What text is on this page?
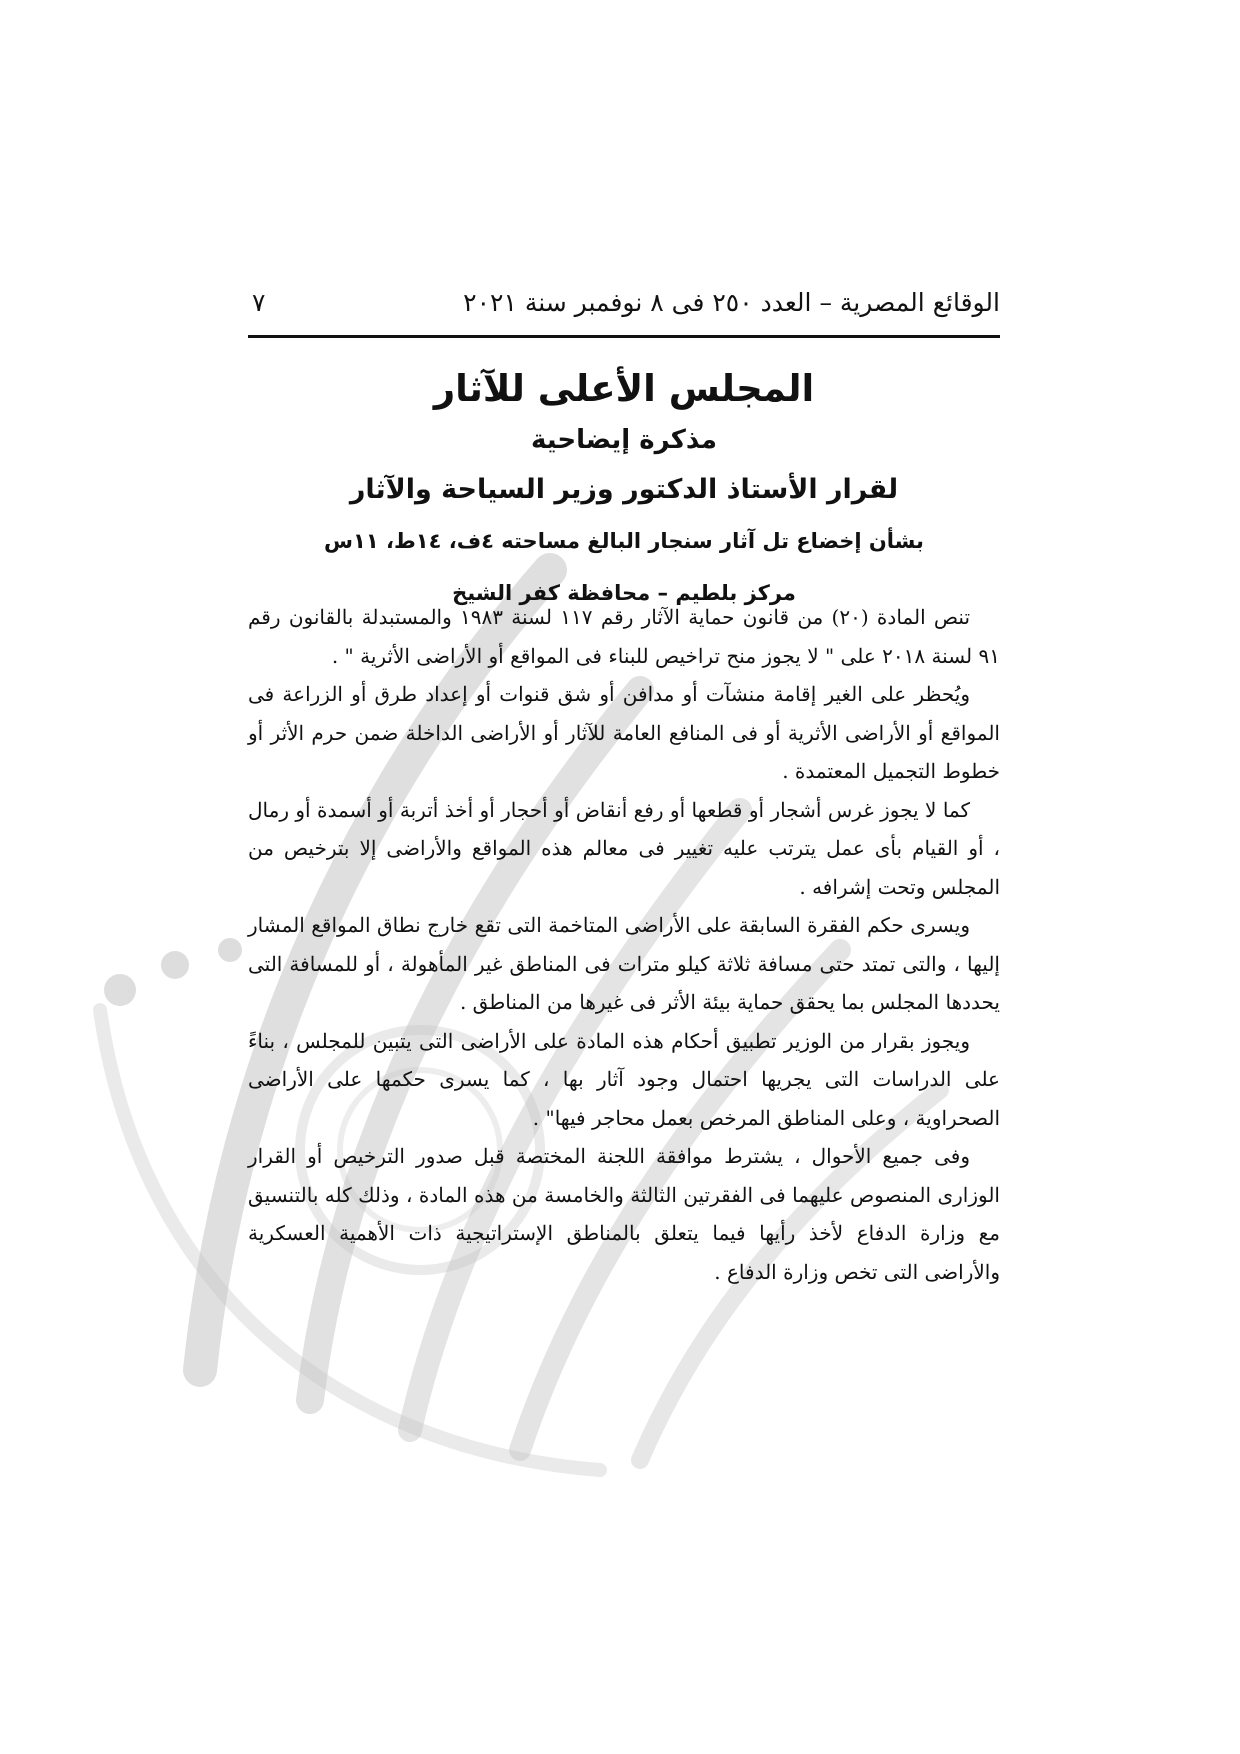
الوقائع المصرية – العدد ٢٥٠ فى ٨ نوفمبر سنة ٢٠٢١
٧
المجلس الأعلى للآثار
مذكرة إيضاحية
لقرار الأستاذ الدكتور وزير السياحة والآثار
بشأن إخضاع تل آثار سنجار البالغ مساحته ٤ف، ١٤ط، ١١س
مركز بلطيم – محافظة كفر الشيخ

تنص المادة (٢٠) من قانون حماية الآثار رقم ١١٧ لسنة ١٩٨٣ والمستبدلة بالقانون رقم ٩١ لسنة ٢٠١٨ على " لا يجوز منح تراخيص للبناء فى المواقع أو الأراضى الأثرية " .

ويُحظر على الغير إقامة منشآت أو مدافن أو شق قنوات أو إعداد طرق أو الزراعة فى المواقع أو الأراضى الأثرية أو فى المنافع العامة للآثار أو الأراضى الداخلة ضمن حرم الأثر أو خطوط التجميل المعتمدة .

كما لا يجوز غرس أشجار أو قطعها أو رفع أنقاض أو أحجار أو أخذ أتربة أو أسمدة أو رمال ، أو القيام بأى عمل يترتب عليه تغيير فى معالم هذه المواقع والأراضى إلا بترخيص من المجلس وتحت إشرافه .

ويسرى حكم الفقرة السابقة على الأراضى المتاخمة التى تقع خارج نطاق المواقع المشار إليها ، والتى تمتد حتى مسافة ثلاثة كيلو مترات فى المناطق غير المأهولة ، أو للمسافة التى يحددها المجلس بما يحقق حماية بيئة الأثر فى غيرها من المناطق .

ويجوز بقرار من الوزير تطبيق أحكام هذه المادة على الأراضى التى يتبين للمجلس ، بناءً على الدراسات التى يجريها احتمال وجود آثار بها ، كما يسرى حكمها على الأراضى الصحراوية ، وعلى المناطق المرخص بعمل محاجر فيها" .

وفى جميع الأحوال ، يشترط موافقة اللجنة المختصة قبل صدور الترخيص أو القرار الوزارى المنصوص عليهما فى الفقرتين الثالثة والخامسة من هذه المادة ، وذلك كله بالتنسيق مع وزارة الدفاع لأخذ رأيها فيما يتعلق بالمناطق الإستراتيجية ذات الأهمية العسكرية والأراضى التى تخص وزارة الدفاع .
